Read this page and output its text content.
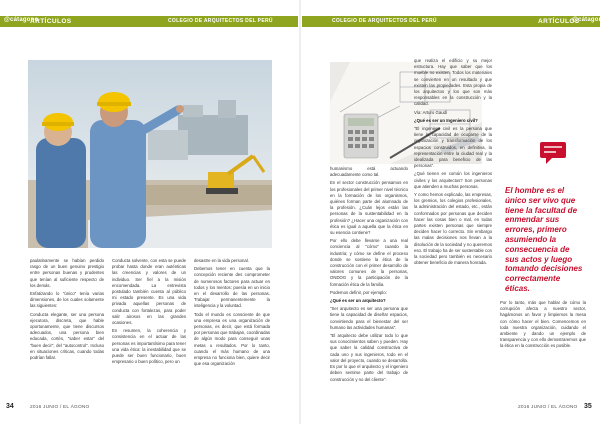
@cátagono
ARTÍCULOS	COLEGIO DE ARQUITECTOS DEL PERÚ	COLEGIO DE ARQUITECTOS DEL PERÚ	ARTÍCULOS
@cátagono

paulatinamente se habían perdido rasgo de un buen genuino prestigio entre personas buenas y prudentes que tenían al suficiente respecto de los demás.

Enfatizando lo "único" tenía varias dimensiones, de los cuales solamente las siguientes:

Conducta elegante, ser una persona ejecutora, discreta, que hable oportunamente, que tiene discursos adecuados, una persona bien educada, cortés, "saber estar" del "buen decir", del "autocontrol". Incluso en situaciones críticas, cuando todas podrían fallar.

Conducta solvente, con esta se puede probar hasta donde eran auténticas las creencias y valores de un individuo. Ser fiel a la misión encomendada. La entrevista postulado también cuenta al público mi estado presente. Es una vida privada aquellas personas de conducta con fortalezas, para poder salir airosos en las grandes ocasiones.

En resumen, la coherencia y consistencia en el actuar de las personas es importantísimo para tener una vida ética: la inestabilidad que se puede ser buen funcionario, buen empresario o buen político, pero un

desastre en la vida personal.

Debemos tener en cuenta que la concepción reciente des comprometer de numerosos factores para actuar en todos y los mentos: poesía en un inicio en el desarrollo de las personas. Trabajar permanentemente la inteligencia y la voluntad.

Todo el mundo es consciente de que una empresa es una organización de personas, es decir, que está formada por personas que trabajan, coordinadas de algún modo para conseguir unas metas u resultados. Por lo tanto, cuando el más humano de una empresa no funciona bien, quiere decir que esa organización

humanismo está actuando adecuadamente como tal.

En el sector construcción pensamos en los profesionales del primer nivel técnico en la formación de los organismos, quiénes forman parte del alumnado de la profesión. ¿Cuán lejos están las personas de la sustentabilidad en la profesión? ¿Hacer una organización con ética es igual a aquella que la ética en su esencia contiene?

Por ello debe llevarse a una real conciencia al "cómo" cuando la industria; y cómo se define el proceso donde se sostiene la ética de la construcción con el primer desarrollo de valores comunes de la personas, ONDOG y la participación de la formación ética de la familia.

Podemos definir, por ejemplo:

¿Qué es ser un arquitecto?

"Ser arquitecto es ser una persona que tiene la capacidad de diseñar espacios, convirtiendo para el bienestar del ser humano las actividades humanas".

"El arquitecto debe utilizar todo lo que sus conocimientos saben y pueden. Hay que saber la calidad constructiva de cada uno y sus ingenieros, todo en el valor del proyecto, cuando se desarrolla. Es por lo que el arquitecto y el ingeniero deben sentirse parte del trabajo de construcción y no del cliente".

que realiza el edificio y su mejor estructura. Hay que saber que los mueble no existen. Todos los materiales se convierten en un resultado y que existen las propiedades. Esta propia de los arquitectos y los que son más responsables en la construcción y la calidad.

Vía: Arturo Gaudí

¿Qué es ser un Ingeniero civil?

"El ingeniero civil es la persona que tiene la capacidad de ocuparse de la organización y transformación de los espacios construidos, en definitiva, la representación entre la ciudad real y la idealizada para beneficio de las personas".

¿Qué tienen en común los ingenieros civiles y los arquitectos? Son personas que atienden a muchas personas.

Y como hemos explicado, las empresas, los gremios, los colegios profesionales, la administración del estado, etc., están conformados por personas que deciden hacer las cosas bien o mal, en todas partes existen personas que siempre deciden hacer lo correcto. Sin embargo las malas decisiones nos llevan a la disolución de la sociedad y no queremos eso. El trabajo ha de ser sustentable con la sociedad pero también es necesario obtener beneficio de manera honrada.

El hombre es el único ser vivo que tiene la facultad de enmendar sus errores, primero asumiendo la consecuencia de sus actos y luego tomando decisiones correctamente éticas.

Por lo tanto, más que hablar de cómo la corrupción afecta a nuestro sector, hagámonos un favor y limpiemos la mesa con cómo hacer el bien. Comencemos en toda nuestra organización, cuidando el ambiente y dando un ejemplo de transparencia y con ello demostraremos que la ética en la construcción es posible.

34	2016 JUNIO / EL ÁGONO	2016 JUNIO / EL ÁGONO 35
